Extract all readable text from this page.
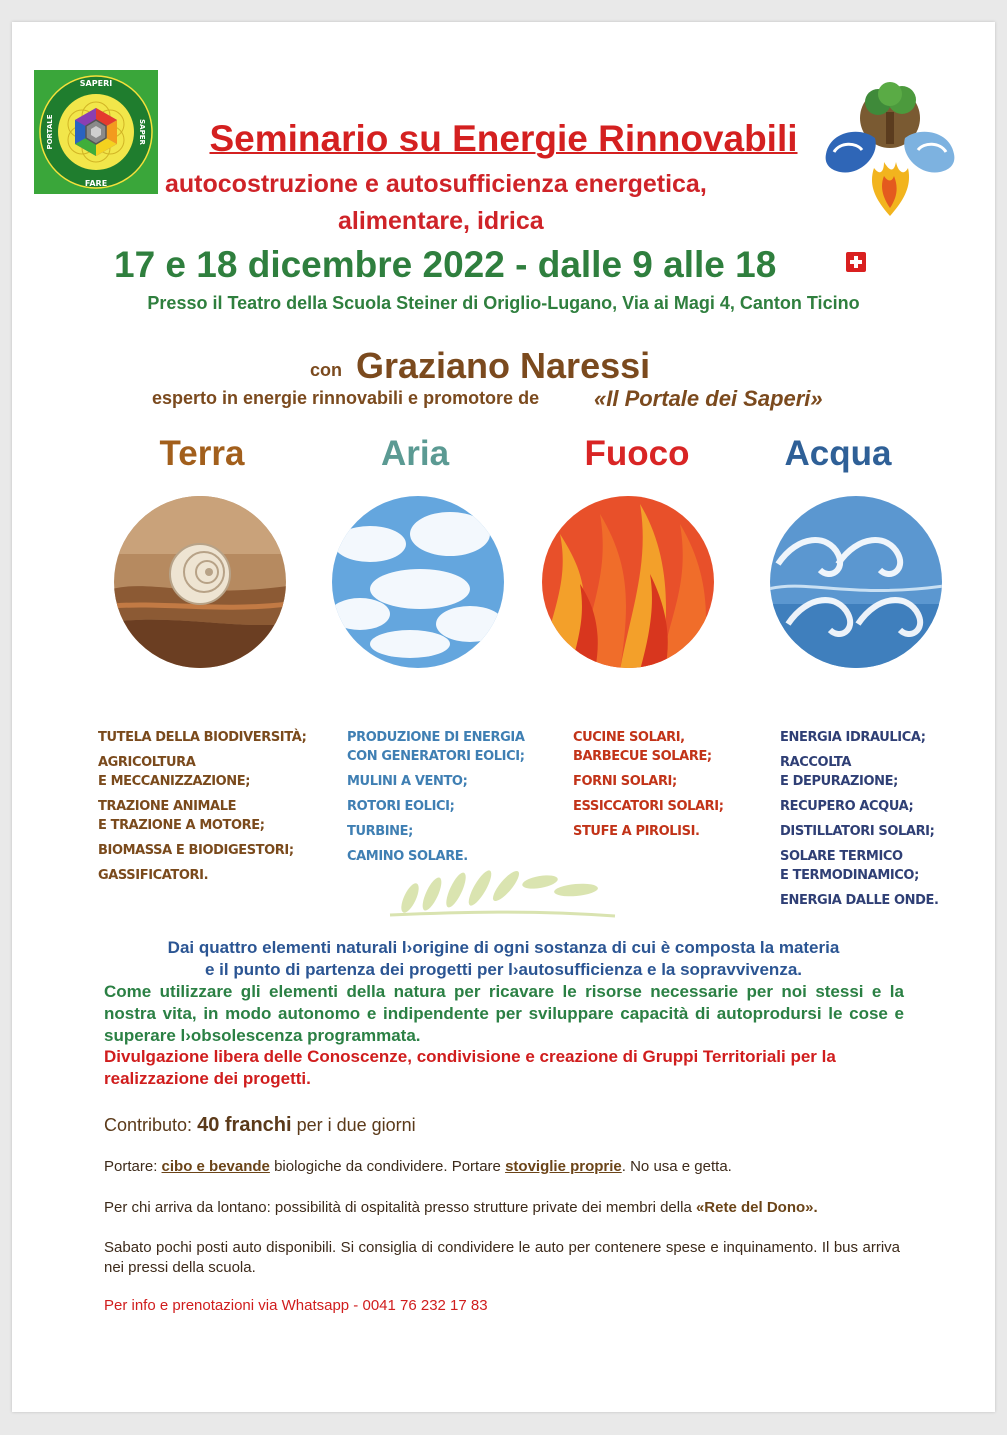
SAPERI
FARE
PORTALE	SAPER	Seminario su Energie Rinnovabili
autocostruzione e autosufficienza energetica,
alimentare, idrica
17 e 18 dicembre 2022 - dalle 9 alle 18
Presso il Teatro della Scuola Steiner di Origlio-Lugano, Via ai Magi 4, Canton Ticino
con Graziano Naressi
esperto in energie rinnovabili e promotore de «Il Portale dei Saperi»
Terra	Aria	Fuoco	Acqua
TUTELA DELLA BIODIVERSITÀ;
AGRICOLTURA
E MECCANIZZAZIONE;
TRAZIONE ANIMALE
E TRAZIONE A MOTORE;
BIOMASSA E BIODIGESTORI;
GASSIFICATORI.
PRODUZIONE DI ENERGIA
CON GENERATORI EOLICI;
MULINI A VENTO;
ROTORI EOLICI;
TURBINE;
CAMINO SOLARE.
CUCINE SOLARI,
BARBECUE SOLARE;
FORNI SOLARI;
ESSICCATORI SOLARI;
STUFE A PIROLISI.
ENERGIA IDRAULICA;
RACCOLTA
E DEPURAZIONE;
RECUPERO ACQUA;
DISTILLATORI SOLARI;
SOLARE TERMICO
E TERMODINAMICO;
ENERGIA DALLE ONDE.
Dai quattro elementi naturali l›origine di ogni sostanza di cui è composta la materia
e il punto di partenza dei progetti per l›autosufficienza e la sopravvivenza.
Come utilizzare gli elementi della natura per ricavare le risorse necessarie per noi stessi e la nostra vita, in modo autonomo e indipendente per sviluppare capacità di autoprodursi le cose e superare l›obsolescenza programmata.
Divulgazione libera delle Conoscenze, condivisione e creazione di Gruppi Territoriali per la realizzazione dei progetti.
Contributo: 40 franchi per i due giorni
Portare: cibo e bevande biologiche da condividere. Portare stoviglie proprie. No usa e getta.
Per chi arriva da lontano: possibilità di ospitalità presso strutture private dei membri della «Rete del Dono».
Sabato pochi posti auto disponibili. Si consiglia di condividere le auto per contenere spese e inquinamento. Il bus arriva nei pressi della scuola.
Per info e prenotazioni via Whatsapp - 0041 76 232 17 83
